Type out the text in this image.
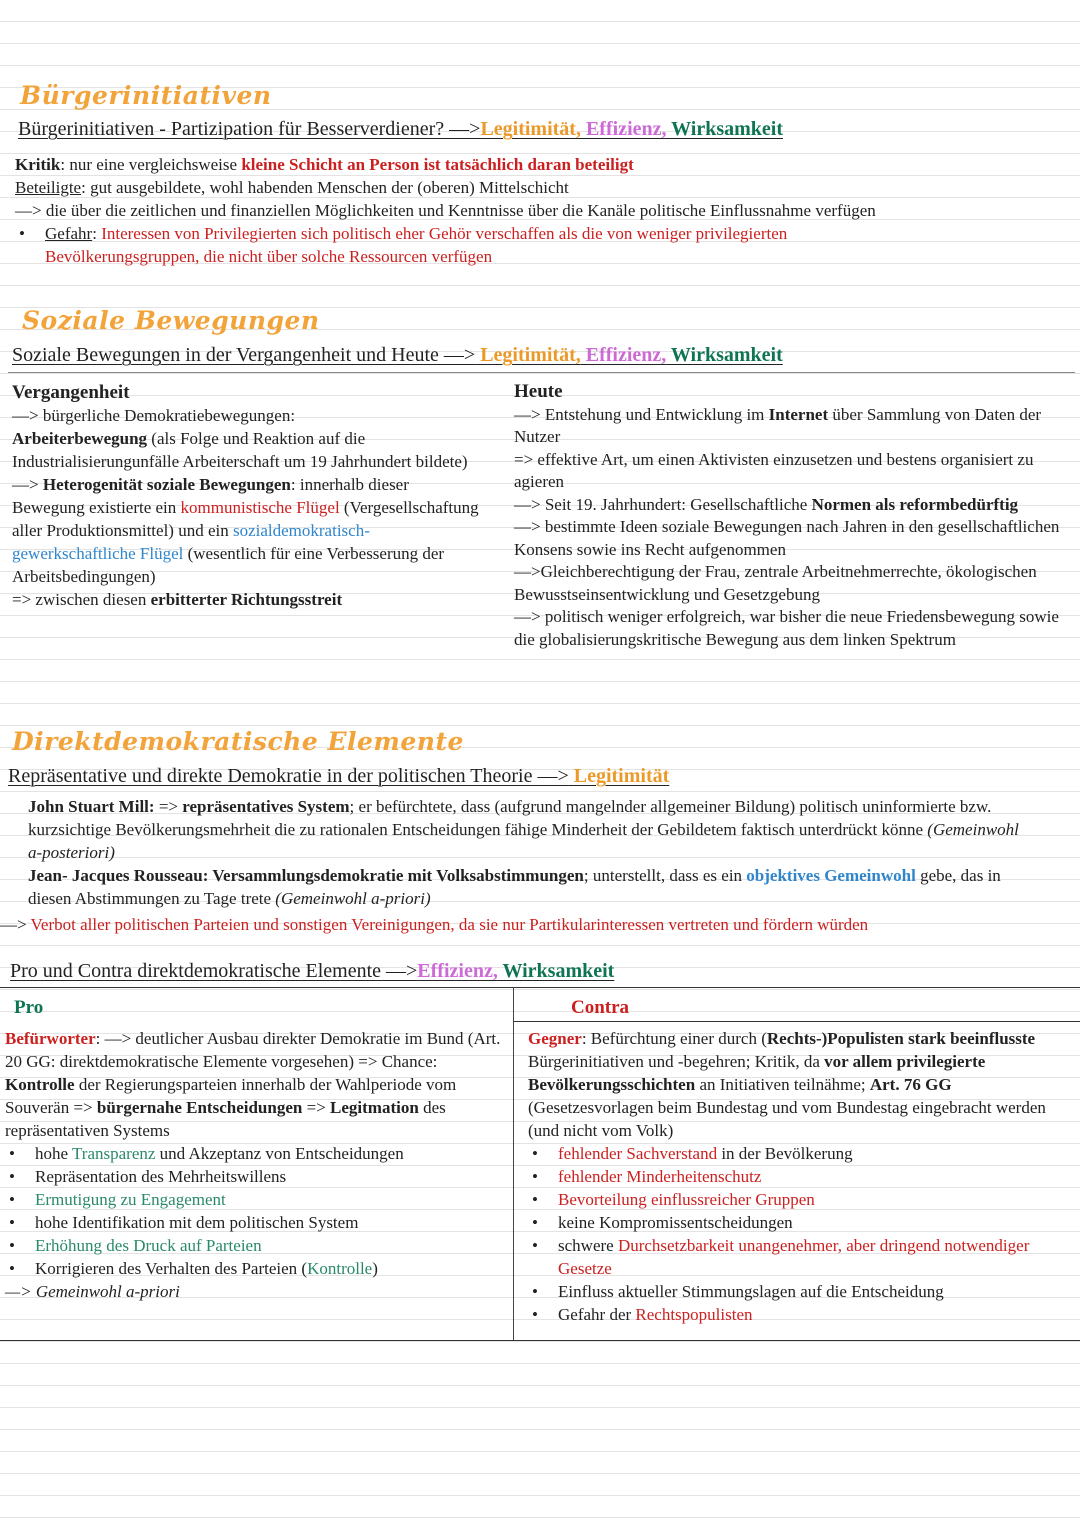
Bürgerinitiativen
Bürgerinitiativen - Partizipation für Besserverdiener? —>Legitimität, Effizienz, Wirksamkeit

Kritik: nur eine vergleichsweise kleine Schicht an Person ist tatsächlich daran beteiligt

Beteiligte: gut ausgebildete, wohl habenden Menschen der (oberen) Mittelschicht

—> die über die zeitlichen und finanziellen Möglichkeiten und Kenntnisse über die Kanäle politische Einflussnahme verfügen

• Gefahr: Interessen von Privilegierten sich politisch eher Gehör verschaffen als die von weniger privilegierten Bevölkerungsgruppen, die nicht über solche Ressourcen verfügen
Soziale Bewegungen
Soziale Bewegungen in der Vergangenheit und Heute —> Legitimität, Effizienz, Wirksamkeit

Vergangenheit

—> bürgerliche Demokratiebewegungen:

Arbeiterbewegung (als Folge und Reaktion auf die Industrialisierungunfälle Arbeiterschaft um 19 Jahrhundert bildete)

—> Heterogenität soziale Bewegungen: innerhalb dieser Bewegung existierte ein kommunistische Flügel (Vergesellschaftung aller Produktionsmittel) und ein sozialdemokratisch-gewerkschaftliche Flügel (wesentlich für eine Verbesserung der Arbeitsbedingungen)

=> zwischen diesen erbitterter Richtungsstreit

Heute

—> Entstehung und Entwicklung im Internet über Sammlung von Daten der Nutzer

=> effektive Art, um einen Aktivisten einzusetzen und bestens organisiert zu agieren

—> Seit 19. Jahrhundert: Gesellschaftliche Normen als reformbedürftig

—> bestimmte Ideen soziale Bewegungen nach Jahren in den gesellschaftlichen Konsens sowie ins Recht aufgenommen

—>Gleichberechtigung der Frau, zentrale Arbeitnehmerrechte, ökologischen Bewusstseinsentwicklung und Gesetzgebung

—> politisch weniger erfolgreich, war bisher die neue Friedensbewegung sowie die globalisierungskritische Bewegung aus dem linken Spektrum

Direktdemokratische Elemente
Repräsentative und direkte Demokratie in der politischen Theorie —> Legitimität

John Stuart Mill: => repräsentatives System; er befürchtete, dass (aufgrund mangelnder allgemeiner Bildung) politisch uninformierte bzw. kurzsichtige Bevölkerungsmehrheit die zu rationalen Entscheidungen fähige Minderheit der Gebildetem faktisch unterdrückt könne (Gemeinwohl a-posteriori)

Jean- Jacques Rousseau: Versammlungsdemokratie mit Volksabstimmungen; unterstellt, dass es ein objektives Gemeinwohl gebe, das in diesen Abstimmungen zu Tage trete (Gemeinwohl a-priori)

—> Verbot aller politischen Parteien und sonstigen Vereinigungen, da sie nur Partikularinteressen vertreten und fördern würden
Pro und Contra direktdemokratische Elemente —>Effizienz, Wirksamkeit
Pro	Contra

Befürworter: —> deutlicher Ausbau direkter Demokratie im Bund (Art. 20 GG: direktdemokratische Elemente vorgesehen) => Chance: Kontrolle der Regierungsparteien innerhalb der Wahlperiode vom Souverän => bürgernahe Entscheidungen => Legitmation des repräsentativen Systems

• hohe Transparenz und Akzeptanz von Entscheidungen
• Repräsentation des Mehrheitswillens
• Ermutigung zu Engagement
• hohe Identifikation mit dem politischen System
• Erhöhung des Druck auf Parteien
• Korrigieren des Verhalten des Parteien (Kontrolle)

—> Gemeinwohl a-priori

Gegner: Befürchtung einer durch (Rechts-)Populisten stark beeinflusste Bürgerinitiativen und -begehren; Kritik, da vor allem privilegierte Bevölkerungsschichten an Initiativen teilnähme; Art. 76 GG (Gesetzesvorlagen beim Bundestag und vom Bundestag eingebracht werden (und nicht vom Volk)

• fehlender Sachverstand in der Bevölkerung
• fehlender Minderheitenschutz
• Bevorteilung einflussreicher Gruppen
• keine Kompromissentscheidungen
• schwere Durchsetzbarkeit unangenehmer, aber dringend notwendiger Gesetze
• Einfluss aktueller Stimmungslagen auf die Entscheidung
• Gefahr der Rechtspopulisten
